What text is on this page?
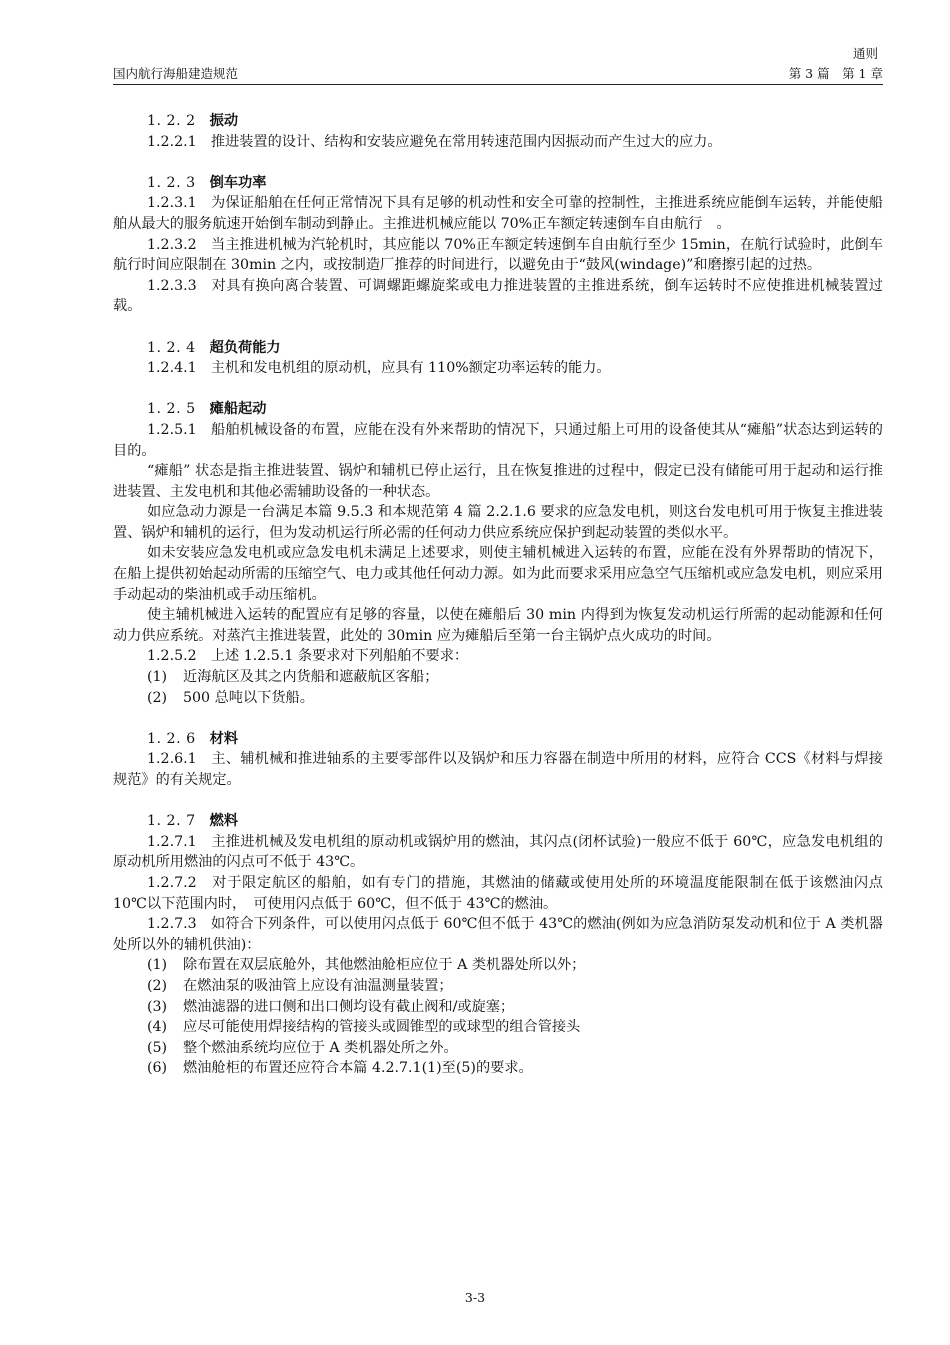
通则
国内航行海船建造规范	第 3 篇　第 1 章
1. 2. 2 振动

1.2.2.1　推进装置的设计、结构和安装应避免在常用转速范围内因振动而产生过大的应力。

1. 2. 3 倒车功率

1.2.3.1　为保证船舶在任何正常情况下具有足够的机动性和安全可靠的控制性，主推进系统应能倒车运转，并能使船舶从最大的服务航速开始倒车制动到静止。主推进机械应能以 70%正车额定转速倒车自由航行　。

1.2.3.2　当主推进机械为汽轮机时，其应能以 70%正车额定转速倒车自由航行至少 15min，在航行试验时，此倒车航行时间应限制在 30min 之内，或按制造厂推荐的时间进行，以避免由于“鼓风(windage)”和磨擦引起的过热。

1.2.3.3　对具有换向离合装置、可调螺距螺旋桨或电力推进装置的主推进系统，倒车运转时不应使推进机械装置过载。

1. 2. 4 超负荷能力

1.2.4.1　主机和发电机组的原动机，应具有 110%额定功率运转的能力。

1. 2. 5 瘫船起动

1.2.5.1　船舶机械设备的布置，应能在没有外来帮助的情况下，只通过船上可用的设备使其从“瘫船”状态达到运转的目的。

“瘫船” 状态是指主推进装置、锅炉和辅机已停止运行，且在恢复推进的过程中，假定已没有储能可用于起动和运行推进装置、主发电机和其他必需辅助设备的一种状态。

如应急动力源是一台满足本篇 9.5.3 和本规范第 4 篇 2.2.1.6 要求的应急发电机，则这台发电机可用于恢复主推进装置、锅炉和辅机的运行，但为发动机运行所必需的任何动力供应系统应保护到起动装置的类似水平。

如未安装应急发电机或应急发电机未满足上述要求，则使主辅机械进入运转的布置，应能在没有外界帮助的情况下，在船上提供初始起动所需的压缩空气、电力或其他任何动力源。如为此而要求采用应急空气压缩机或应急发电机，则应采用手动起动的柴油机或手动压缩机。

使主辅机械进入运转的配置应有足够的容量，以使在瘫船后 30 min 内得到为恢复发动机运行所需的起动能源和任何动力供应系统。对蒸汽主推进装置，此处的 30min 应为瘫船后至第一台主锅炉点火成功的时间。

1.2.5.2　上述 1.2.5.1 条要求对下列船舶不要求：

(1) 近海航区及其之内货船和遮蔽航区客船；
(2) 500 总吨以下货船。
1. 2. 6 材料

1.2.6.1　主、辅机械和推进轴系的主要零部件以及锅炉和压力容器在制造中所用的材料，应符合 CCS《材料与焊接规范》的有关规定。

1. 2. 7 燃料

1.2.7.1　主推进机械及发电机组的原动机或锅炉用的燃油，其闪点(闭杯试验)一般应不低于 60℃，应急发电机组的原动机所用燃油的闪点可不低于 43℃。

1.2.7.2　对于限定航区的船舶，如有专门的措施，其燃油的储藏或使用处所的环境温度能限制在低于该燃油闪点 10℃以下范围内时，　可使用闪点低于 60℃，但不低于 43℃的燃油。

1.2.7.3　如符合下列条件，可以使用闪点低于 60℃但不低于 43℃的燃油(例如为应急消防泵发动机和位于 A 类机器处所以外的辅机供油)：

(1) 除布置在双层底舱外，其他燃油舱柜应位于 A 类机器处所以外；
(2) 在燃油泵的吸油管上应设有油温测量装置；
(3) 燃油滤器的进口侧和出口侧均设有截止阀和/或旋塞；
(4) 应尽可能使用焊接结构的管接头或圆锥型的或球型的组合管接头
(5) 整个燃油系统均应位于 A 类机器处所之外。
(6) 燃油舱柜的布置还应符合本篇 4.2.7.1(1)至(5)的要求。
3-3
